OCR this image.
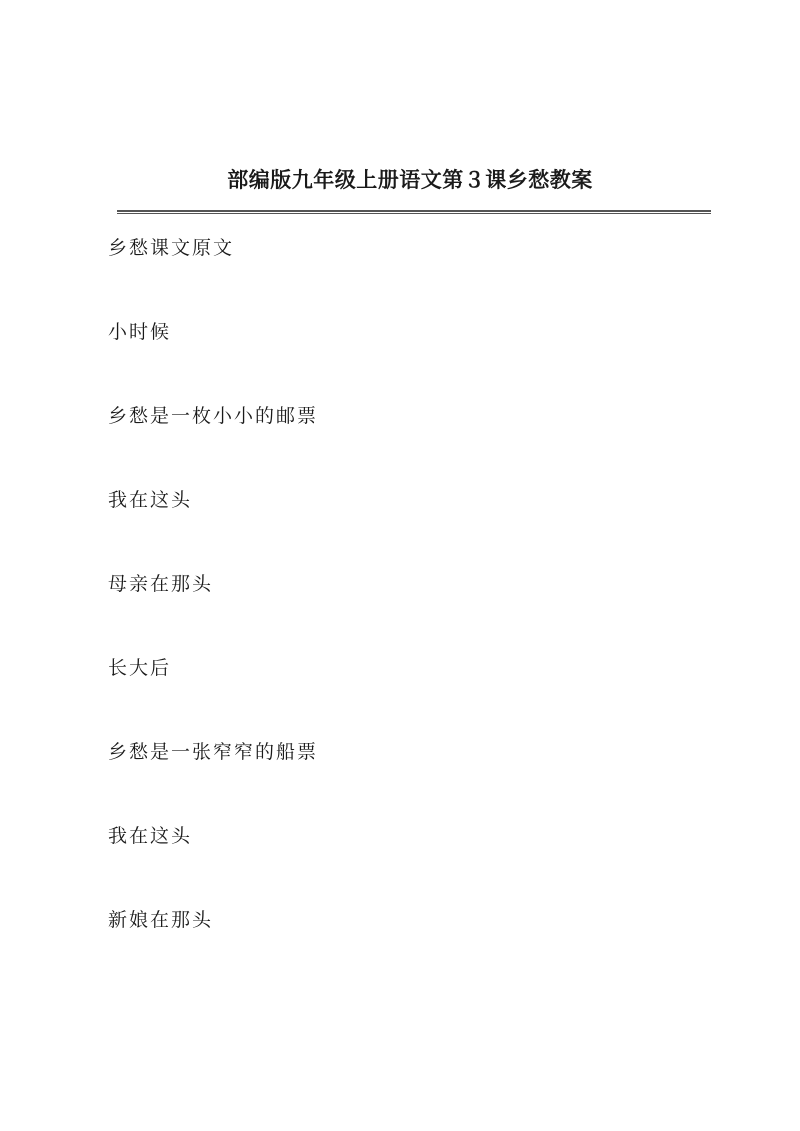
部编版九年级上册语文第３课乡愁教案
乡愁课文原文
小时候
乡愁是一枚小小的邮票
我在这头
母亲在那头
长大后
乡愁是一张窄窄的船票
我在这头
新娘在那头
